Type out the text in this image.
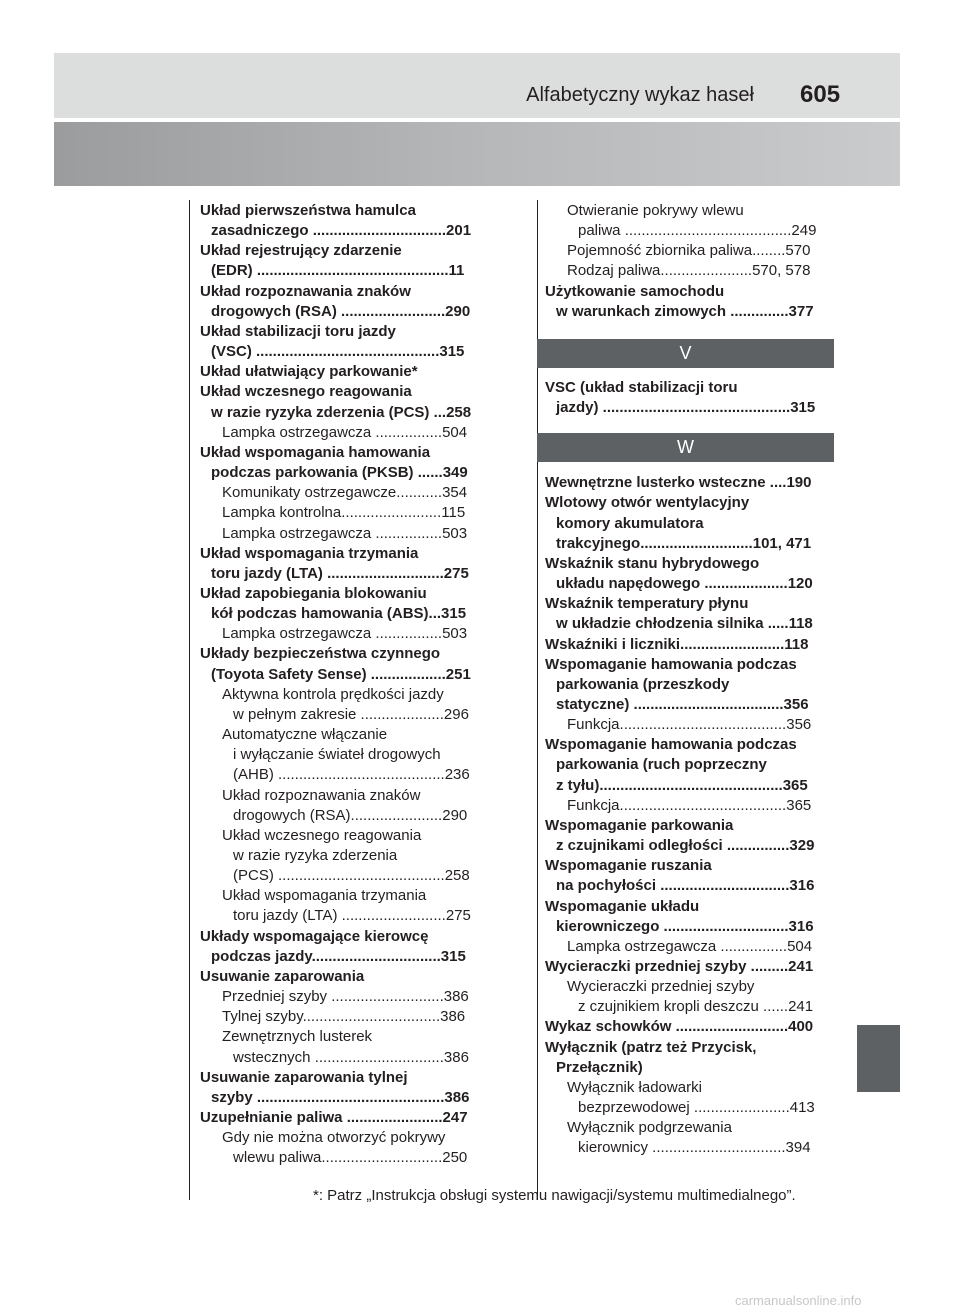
Alfabetyczny wykaz haseł 605
Układ pierwszeństwa hamulca
zasadniczego ................................201
Układ rejestrujący zdarzenie
(EDR) ..............................................11
Układ rozpoznawania znaków
drogowych (RSA) .........................290
Układ stabilizacji toru jazdy
(VSC) ............................................315
Układ ułatwiający parkowanie*
Układ wczesnego reagowania
w razie ryzyka zderzenia (PCS) ...258
Lampka ostrzegawcza ................504
Układ wspomagania hamowania
podczas parkowania (PKSB) ......349
Komunikaty ostrzegawcze...........354
Lampka kontrolna........................115
Lampka ostrzegawcza ................503
Układ wspomagania trzymania
toru jazdy (LTA) ............................275
Układ zapobiegania blokowaniu
kół podczas hamowania (ABS)...315
Lampka ostrzegawcza ................503
Układy bezpieczeństwa czynnego
(Toyota Safety Sense) ..................251
Aktywna kontrola prędkości jazdy
w pełnym zakresie ....................296
Automatyczne włączanie
i wyłączanie świateł drogowych
(AHB) ........................................236
Układ rozpoznawania znaków
drogowych (RSA)......................290
Układ wczesnego reagowania
w razie ryzyka zderzenia
(PCS) ........................................258
Układ wspomagania trzymania
toru jazdy (LTA) .........................275
Układy wspomagające kierowcę
podczas jazdy...............................315
Usuwanie zaparowania
Przedniej szyby ...........................386
Tylnej szyby.................................386
Zewnętrznych lusterek
wstecznych ...............................386
Usuwanie zaparowania tylnej
szyby .............................................386
Uzupełnianie paliwa .......................247
Gdy nie można otworzyć pokrywy
wlewu paliwa.............................250
Otwieranie pokrywy wlewu
paliwa ........................................249
Pojemność zbiornika paliwa........570
Rodzaj paliwa......................570, 578
Użytkowanie samochodu
w warunkach zimowych ..............377
V
VSC (układ stabilizacji toru
jazdy) .............................................315
W
Wewnętrzne lusterko wsteczne ....190
Wlotowy otwór wentylacyjny
komory akumulatora
trakcyjnego...........................101, 471
Wskaźnik stanu hybrydowego
układu napędowego ....................120
Wskaźnik temperatury płynu
w układzie chłodzenia silnika .....118
Wskaźniki i liczniki.........................118
Wspomaganie hamowania podczas
parkowania (przeszkody
statyczne) ....................................356
Funkcja........................................356
Wspomaganie hamowania podczas
parkowania (ruch poprzeczny
z tyłu)............................................365
Funkcja........................................365
Wspomaganie parkowania
z czujnikami odległości ...............329
Wspomaganie ruszania
na pochyłości ...............................316
Wspomaganie układu
kierowniczego ..............................316
Lampka ostrzegawcza ................504
Wycieraczki przedniej szyby .........241
Wycieraczki przedniej szyby
z czujnikiem kropli deszczu ......241
Wykaz schowków ...........................400
Wyłącznik (patrz też Przycisk,
Przełącznik)
Wyłącznik ładowarki
bezprzewodowej .......................413
Wyłącznik podgrzewania
kierownicy ................................394
*: Patrz „Instrukcja obsługi systemu nawigacji/systemu multimedialnego”.
carmanualsonline.info
